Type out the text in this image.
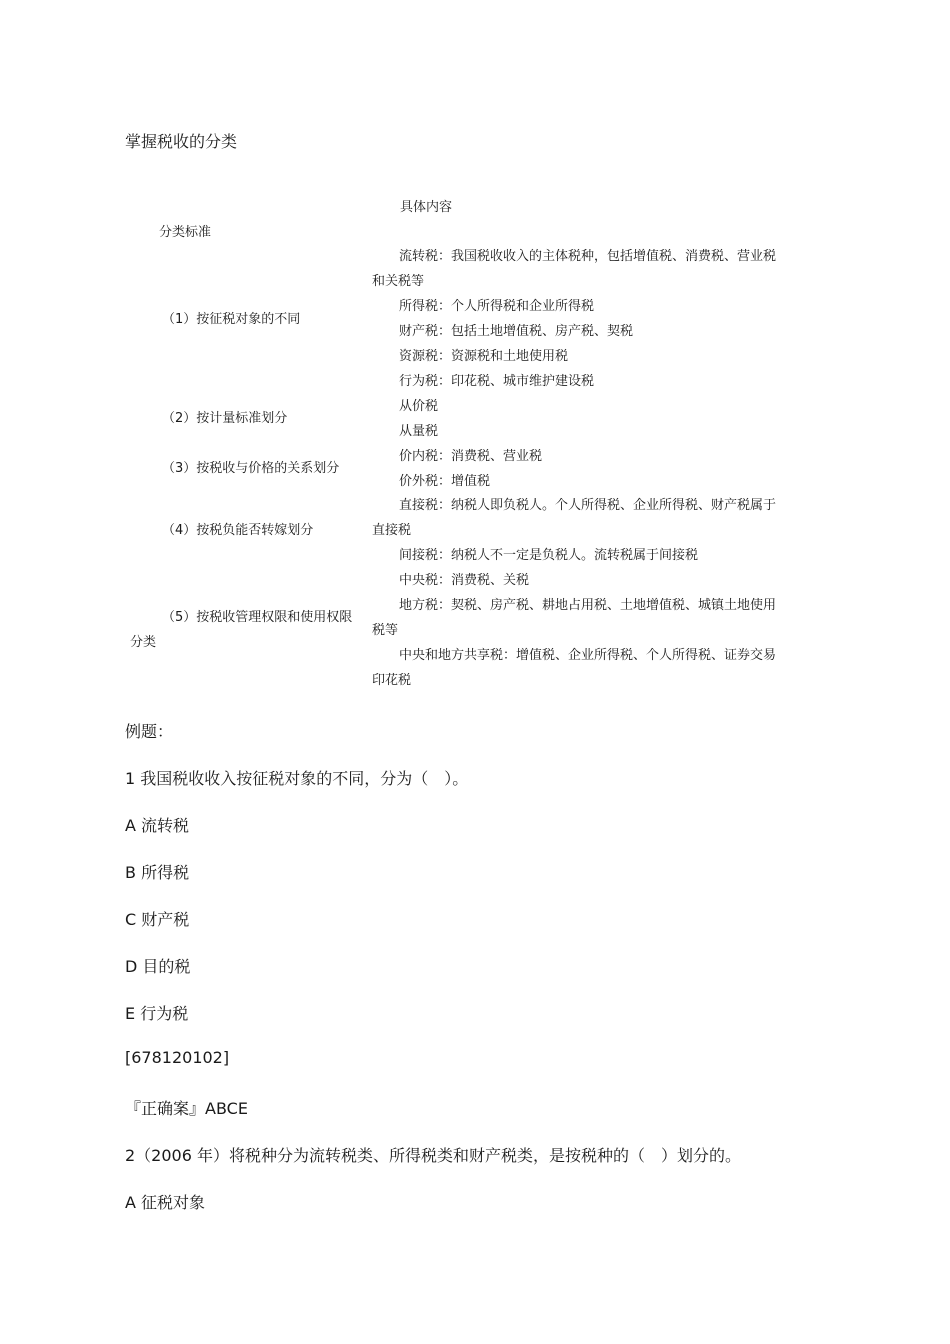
掌握税收的分类
具体内容
分类标准
（1）按征税对象的不同
（2）按计量标准划分
（3）按税收与价格的关系划分
（4）按税负能否转嫁划分
（5）按税收管理权限和使用权限
分类
流转税：我国税收收入的主体税种，包括增值税、消费税、营业税
和关税等
所得税：个人所得税和企业所得税
财产税：包括土地增值税、房产税、契税
资源税：资源税和土地使用税
行为税：印花税、城市维护建设税
从价税
从量税
价内税：消费税、营业税
价外税：增值税
直接税：纳税人即负税人。个人所得税、企业所得税、财产税属于
直接税
间接税：纳税人不一定是负税人。流转税属于间接税
中央税：消费税、关税
地方税：契税、房产税、耕地占用税、土地增值税、城镇土地使用
税等
中央和地方共享税：增值税、企业所得税、个人所得税、证券交易
印花税
例题：
1 我国税收收入按征税对象的不同，分为（　）。
A 流转税
B 所得税
C 财产税
D 目的税
E 行为税
[678120102]
『正确案』ABCE
2（2006 年）将税种分为流转税类、所得税类和财产税类，是按税种的（　）划分的。
A 征税对象
